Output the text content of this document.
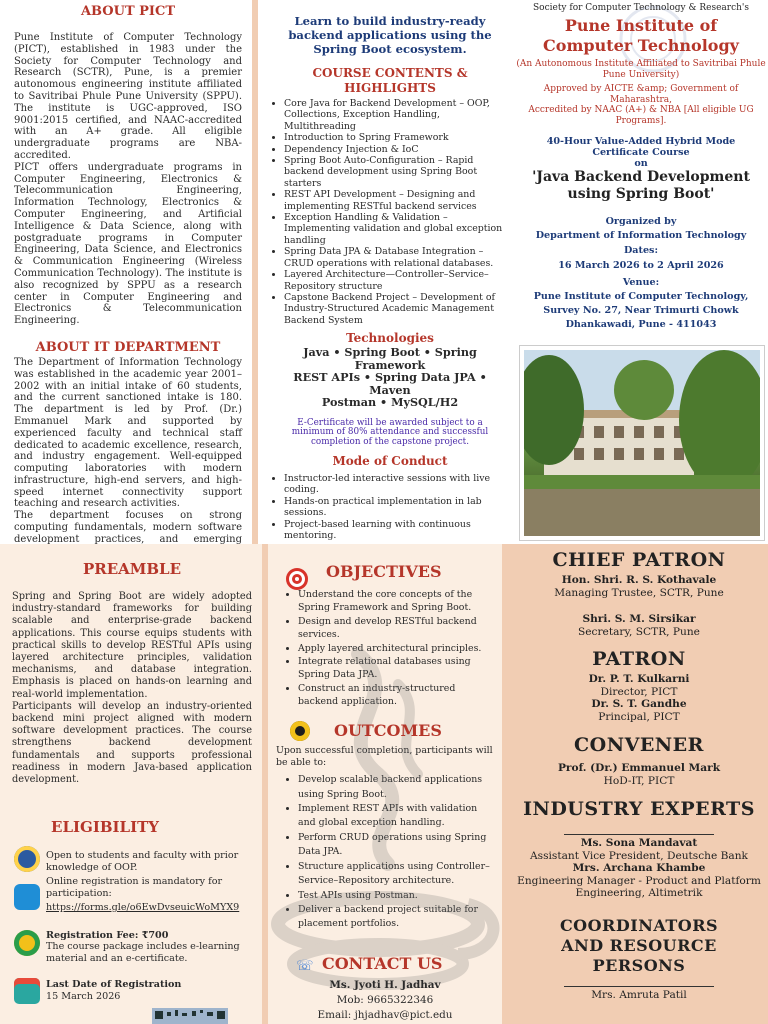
ABOUT PICT

Pune Institute of Computer Technology (PICT), established in 1983 under the Society for Computer Technology and Research (SCTR), Pune, is a premier autonomous engineering institute affiliated to Savitribai Phule Pune University (SPPU). The institute is UGC-approved, ISO 9001:2015 certified, and NAAC-accredited with an A+ grade. All eligible undergraduate programs are NBA-accredited.

PICT offers undergraduate programs in Computer Engineering, Electronics & Telecommunication Engineering, Information Technology, Electronics & Computer Engineering, and Artificial Intelligence & Data Science, along with postgraduate programs in Computer Engineering, Data Science, and Electronics & Communication Engineering (Wireless Communication Technology). The institute is also recognized by SPPU as a research center in Computer Engineering and Electronics & Telecommunication Engineering.

ABOUT IT DEPARTMENT

The Department of Information Technology was established in the academic year 2001–2002 with an initial intake of 60 students, and the current sanctioned intake is 180. The department is led by Prof. (Dr.) Emmanuel Mark and supported by experienced faculty and technical staff dedicated to academic excellence, research, and industry engagement. Well-equipped computing laboratories with modern infrastructure, high-end servers, and high-speed internet connectivity support teaching and research activities.

The department focuses on strong computing fundamentals, modern software development practices, and emerging

Learn to build industry-ready backend applications using the Spring Boot ecosystem.
COURSE CONTENTS & HIGHLIGHTS
• Core Java for Backend Development – OOP, Collections, Exception Handling, Multithreading
• Introduction to Spring Framework
• Dependency Injection & IoC
• Spring Boot Auto-Configuration – Rapid backend development using Spring Boot starters
• REST API Development – Designing and implementing RESTful backend services
• Exception Handling & Validation – Implementing validation and global exception handling
• Spring Data JPA & Database Integration – CRUD operations with relational databases.
• Layered Architecture—Controller–Service–Repository structure
• Capstone Backend Project – Development of Industry-Structured Academic Management Backend System
Technologies
Java • Spring Boot • Spring Framework
REST APIs • Spring Data JPA • Maven
Postman • MySQL/H2
E-Certificate will be awarded subject to a minimum of 80% attendance and successful completion of the capstone project.
Mode of Conduct
• Instructor-led interactive sessions with live coding.
• Hands-on practical implementation in lab sessions.
• Project-based learning with continuous mentoring.
Society for Computer Technology & Research's
Pune Institute of Computer Technology
(An Autonomous Institute Affiliated to Savitribai Phule Pune University)
Approved by AICTE &amp; Government of Maharashtra,
Accredited by NAAC (A+) & NBA [All eligible UG Programs].
40-Hour Value-Added Hybrid Mode Certificate Course
on
'Java Backend Development using Spring Boot'
Organized by
Department of Information Technology
Dates:
16 March 2026 to 2 April 2026
Venue:
Pune Institute of Computer Technology,
Survey No. 27, Near Trimurti Chowk
Dhankawadi, Pune - 411043
PREAMBLE

Spring and Spring Boot are widely adopted industry-standard frameworks for building scalable and enterprise-grade backend applications. This course equips students with practical skills to develop RESTful APIs using layered architecture principles, validation mechanisms, and database integration. Emphasis is placed on hands-on learning and real-world implementation.

Participants will develop an industry-oriented backend mini project aligned with modern software development practices. The course strengthens backend development fundamentals and supports professional readiness in modern Java-based application development.

ELIGIBILITY
Open to students and faculty with prior knowledge of OOP.
Online registration is mandatory for participation:
https://forms.gle/o6EwDvseuicWoMYX9
Registration Fee: ₹700
The course package includes e-learning material and an e-certificate.
Last Date of Registration
15 March 2026
OBJECTIVES
• Understand the core concepts of the Spring Framework and Spring Boot.
• Design and develop RESTful backend services.
• Apply layered architectural principles.
• Integrate relational databases using Spring Data JPA.
• Construct an industry-structured backend application.
OUTCOMES
Upon successful completion, participants will be able to:
• Develop scalable backend applications using Spring Boot.
• Implement REST APIs with validation and global exception handling.
• Perform CRUD operations using Spring Data JPA.
• Structure applications using Controller–Service–Repository architecture.
• Test APIs using Postman.
• Deliver a backend project suitable for placement portfolios.
☏ CONTACT US
Ms. Jyoti H. Jadhav
Mob: 9665322346
Email: jhjadhav@pict.edu
CHIEF PATRON
Hon. Shri. R. S. Kothavale
Managing Trustee, SCTR, Pune
Shri. S. M. Sirsikar
Secretary, SCTR, Pune
PATRON
Dr. P. T. Kulkarni
Director, PICT
Dr. S. T. Gandhe
Principal, PICT
CONVENER
Prof. (Dr.) Emmanuel Mark
HoD-IT, PICT
INDUSTRY EXPERTS
Ms. Sona Mandavat
Assistant Vice President, Deutsche Bank
Mrs. Archana Khambe
Engineering Manager - Product and Platform Engineering, Altimetrik
COORDINATORS AND RESOURCE PERSONS
Mrs. Amruta Patil
